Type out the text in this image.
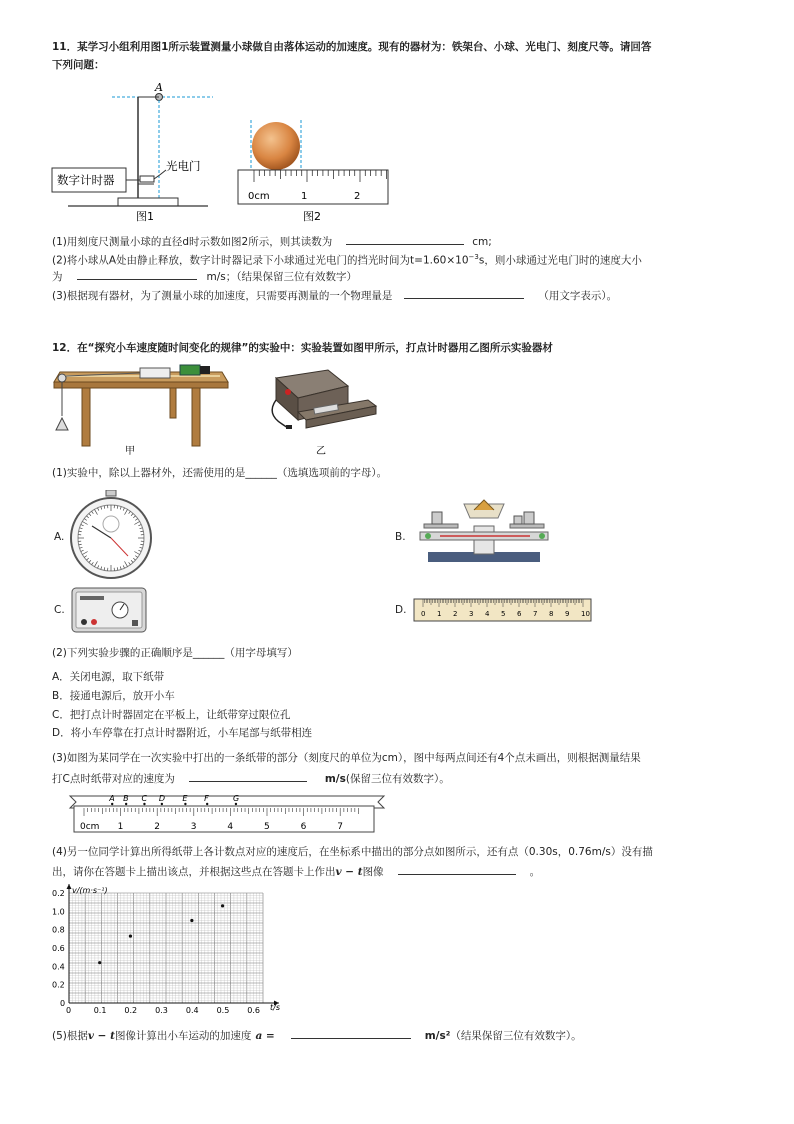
11．某学习小组利用图1所示装置测量小球做自由落体运动的加速度。现有的器材为：铁架台、小球、光电门、刻度尺等。请回答
下列问题：
A
数字计时器
光电门
图1
0cm	1	2
图2
(1)用刻度尺测量小球的直径d时示数如图2所示，则其读数为	cm;
(2)将小球从A处由静止释放，数字计时器记录下小球通过光电门的挡光时间为$t=1.60\times 10^{-3}s$，则小球通过光电门时的速度大小
为	m/s；（结果保留三位有效数字）
(3)根据现有器材，为了测量小球的加速度，只需要再测量的一个物理量是	（用文字表示）。
12．在“探究小车速度随时间变化的规律”的实验中：实验装置如图甲所示，打点计时器用乙图所示实验器材
甲	乙
(1)实验中，除以上器材外，还需使用的是______（选填选项前的字母）。
A.	B.
C.	D. 0 1 2 3 4 5 6 7 8 9 10
(2)下列实验步骤的正确顺序是______（用字母填写）
A．关闭电源，取下纸带
B．接通电源后，放开小车
C．把打点计时器固定在平板上，让纸带穿过限位孔
D．将小车停靠在打点计时器附近，小车尾部与纸带相连
(3)如图为某同学在一次实验中打出的一条纸带的部分（刻度尺的单位为cm），图中每两点间还有4个点未画出，则根据测量结果
打C点时纸带对应的速度为	m/s(保留三位有效数字）。
0cm 1	2	3	4	5	6	7
A B C D E F	G
(4)另一位同学计算出所得纸带上各计数点对应的速度后，在坐标系中描出的部分点如图所示，还有点（0.30s，0.76m/s）没有描
出，请你在答题卡上描出该点，并根据这些点在答题卡上作出v − t图像	。
0	0.1 0.2 0.3 0.4 0.5 0.6
0.2
0.4
0.6
0.8
1.0
0.2
0
v/(m·s⁻¹)
t/s
(5)根据v − t图像计算出小车运动的加速度 a =	m/s²（结果保留三位有效数字）。
